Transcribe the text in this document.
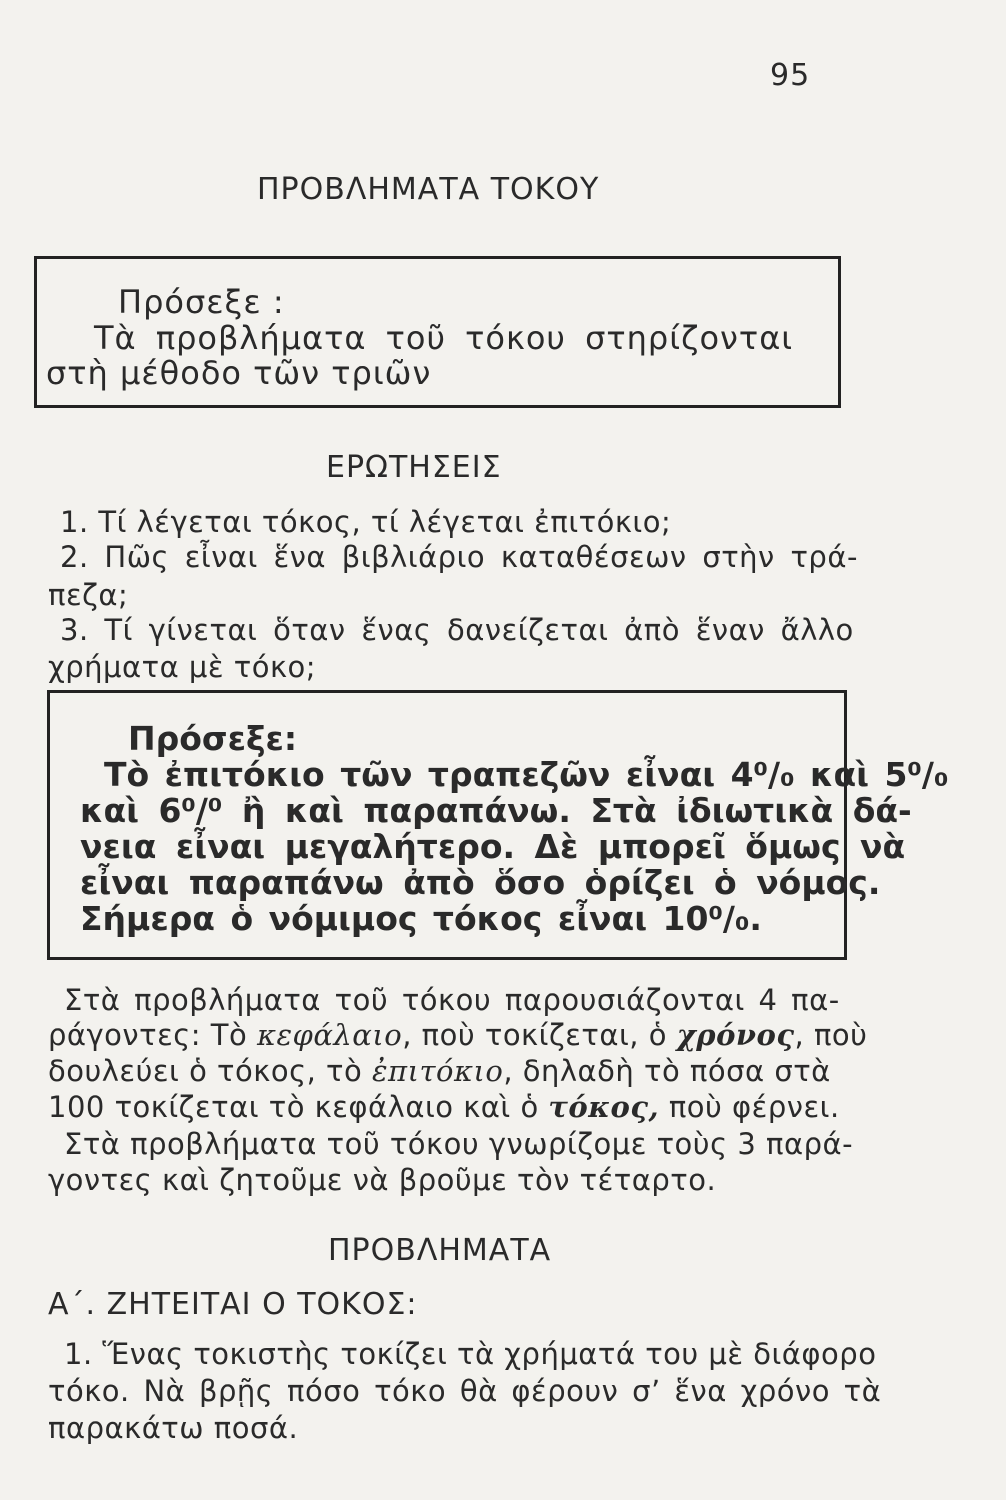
95
ΠΡΟΒΛΗΜΑΤΑ ΤΟΚΟΥ
Πρόσεξε :
Τὰ προβλήματα τοῦ τόκου στηρίζονται
στὴ μέθοδο τῶν τριῶν
ΕΡΩΤΗΣΕΙΣ
1. Τί λέγεται τόκος, τί λέγεται ἐπιτόκιο;
2. Πῶς εἶναι ἕνα βιβλιάριο καταθέσεων στὴν τρά-
πεζα;
3. Τί γίνεται ὅταν ἕνας δανείζεται ἀπὸ ἕναν ἄλλο
χρήματα μὲ τόκο;
Πρόσεξε:
Τὸ ἐπιτόκιο τῶν τραπεζῶν εἶναι 4⁰/₀ καὶ 5⁰/₀
καὶ 6⁰/⁰ ἢ καὶ παραπάνω. Στὰ ἰδιωτικὰ δά-
νεια εἶναι μεγαλήτερο. Δὲ μπορεῖ ὅμως νὰ
εἶναι παραπάνω ἀπὸ ὅσο ὁρίζει ὁ νόμος.
Σήμερα ὁ νόμιμος τόκος εἶναι 10⁰/₀.
Στὰ προβλήματα τοῦ τόκου παρουσιάζονται 4 πα-
ράγοντες: Τὸ κεφάλαιο, ποὺ τοκίζεται, ὁ χρόνος, ποὺ
δουλεύει ὁ τόκος, τὸ ἐπιτόκιο, δηλαδὴ τὸ πόσα στὰ
100 τοκίζεται τὸ κεφάλαιο καὶ ὁ τόκος, ποὺ φέρνει.
Στὰ προβλήματα τοῦ τόκου γνωρίζομε τοὺς 3 παρά-
γοντες καὶ ζητοῦμε νὰ βροῦμε τὸν τέταρτο.
ΠΡΟΒΛΗΜΑΤΑ
Α΄. ΖΗΤΕΙΤΑΙ Ο ΤΟΚΟΣ:
1. Ἕνας τοκιστὴς τοκίζει τὰ χρήματά του μὲ διάφορο
τόκο. Νὰ βρῇς πόσο τόκο θὰ φέρουν σ’ ἕνα χρόνο τὰ
παρακάτω ποσά.
